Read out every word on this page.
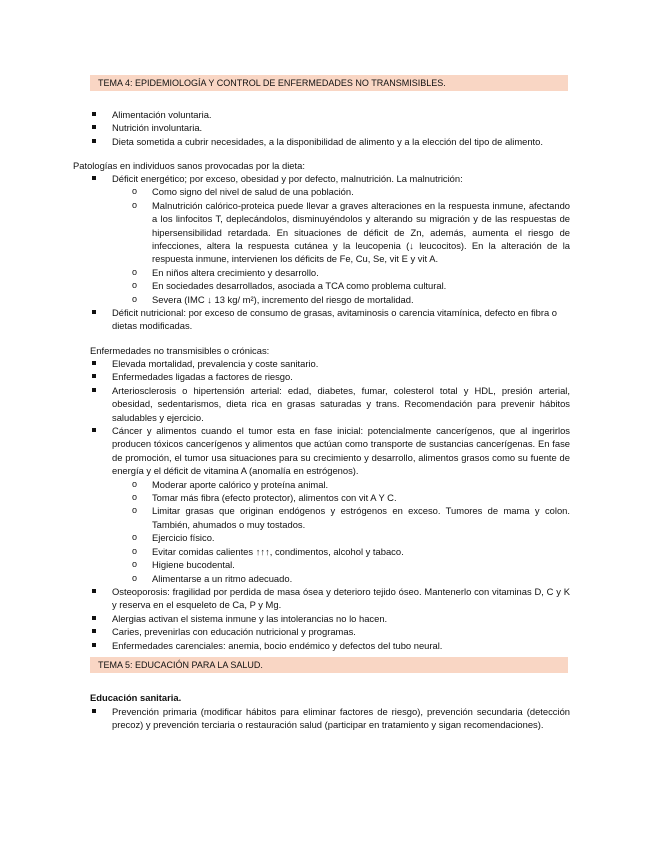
TEMA 4: EPIDEMIOLOGÍA Y CONTROL DE ENFERMEDADES NO TRANSMISIBLES.
Alimentación voluntaria.
Nutrición involuntaria.
Dieta sometida a cubrir necesidades, a la disponibilidad de alimento y a la elección del tipo de alimento.
Patologías en individuos sanos provocadas por la dieta:
Déficit energético; por exceso, obesidad y por defecto, malnutrición. La malnutrición:
o Como signo del nivel de salud de una población.
o Malnutrición calórico-proteica puede llevar a graves alteraciones en la respuesta inmune, afectando a los linfocitos T, deplecándolos, disminuyéndolos y alterando su migración y de las respuestas de hipersensibilidad retardada. En situaciones de déficit de Zn, además, aumenta el riesgo de infecciones, altera la respuesta cutánea y la leucopenia (↓ leucocitos). En la alteración de la respuesta inmune, intervienen los déficits de Fe, Cu, Se, vit E y vit A.
o En niños altera crecimiento y desarrollo.
o En sociedades desarrollados, asociada a TCA como problema cultural.
o Severa (IMC ↓ 13 kg/ m²), incremento del riesgo de mortalidad.
Déficit nutricional: por exceso de consumo de grasas, avitaminosis o carencia vitamínica, defecto en fibra o dietas modificadas.
Enfermedades no transmisibles o crónicas:
Elevada mortalidad, prevalencia y coste sanitario.
Enfermedades ligadas a factores de riesgo.
Arteriosclerosis o hipertensión arterial: edad, diabetes, fumar, colesterol total y HDL, presión arterial, obesidad, sedentarismos, dieta rica en grasas saturadas y trans. Recomendación para prevenir hábitos saludables y ejercicio.
Cáncer y alimentos cuando el tumor esta en fase inicial: potencialmente cancerígenos, que al ingerirlos producen tóxicos cancerígenos y alimentos que actúan como transporte de sustancias cancerígenas. En fase de promoción, el tumor usa situaciones para su crecimiento y desarrollo, alimentos grasos como su fuente de energía y el déficit de vitamina A (anomalía en estrógenos).
o Moderar aporte calórico y proteína animal.
o Tomar más fibra (efecto protector), alimentos con vit A Y C.
o Limitar grasas que originan endógenos y estrógenos en exceso. Tumores de mama y colon. También, ahumados o muy tostados.
o Ejercicio físico.
o Evitar comidas calientes ↑↑↑, condimentos, alcohol y tabaco.
o Higiene bucodental.
o Alimentarse a un ritmo adecuado.
Osteoporosis: fragilidad por perdida de masa ósea y deterioro tejido óseo. Mantenerlo con vitaminas D, C y K y reserva en el esqueleto de Ca, P y Mg.
Alergias activan el sistema inmune y las intolerancias no lo hacen.
Caries, prevenirlas con educación nutricional y programas.
Enfermedades carenciales: anemia, bocio endémico y defectos del tubo neural.
TEMA 5: EDUCACIÓN PARA LA SALUD.
Educación sanitaria.
Prevención primaria (modificar hábitos para eliminar factores de riesgo), prevención secundaria (detección precoz) y prevención terciaria o restauración salud (participar en tratamiento y sigan recomendaciones).
